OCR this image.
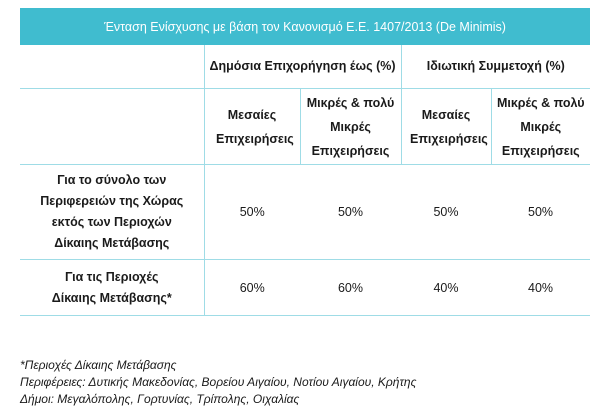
Ένταση Ενίσχυσης με βάση τον Κανονισμό Ε.Ε. 1407/2013 (De Minimis)				
	Δημόσια Επιχορήγηση έως (%)		Ιδιωτική Συμμετοχή (%)	
	Μεσαίες Επιχειρήσεις	Μικρές & πολύ Μικρές Επιχειρήσεις	Μεσαίες Επιχειρήσεις	Μικρές & πολύ Μικρές Επιχειρήσεις
Για το σύνολο των Περιφερειών της Χώρας εκτός των Περιοχών Δίκαιης Μετάβασης	50%	50%	50%	50%
Για τις Περιοχές Δίκαιης Μετάβασης*	60%	60%	40%	40%
*Περιοχές Δίκαιης Μετάβασης
Περιφέρειες: Δυτικής Μακεδονίας, Βορείου Αιγαίου, Νοτίου Αιγαίου, Κρήτης
Δήμοι: Μεγαλόπολης, Γορτυνίας, Τρίπολης, Οιχαλίας
